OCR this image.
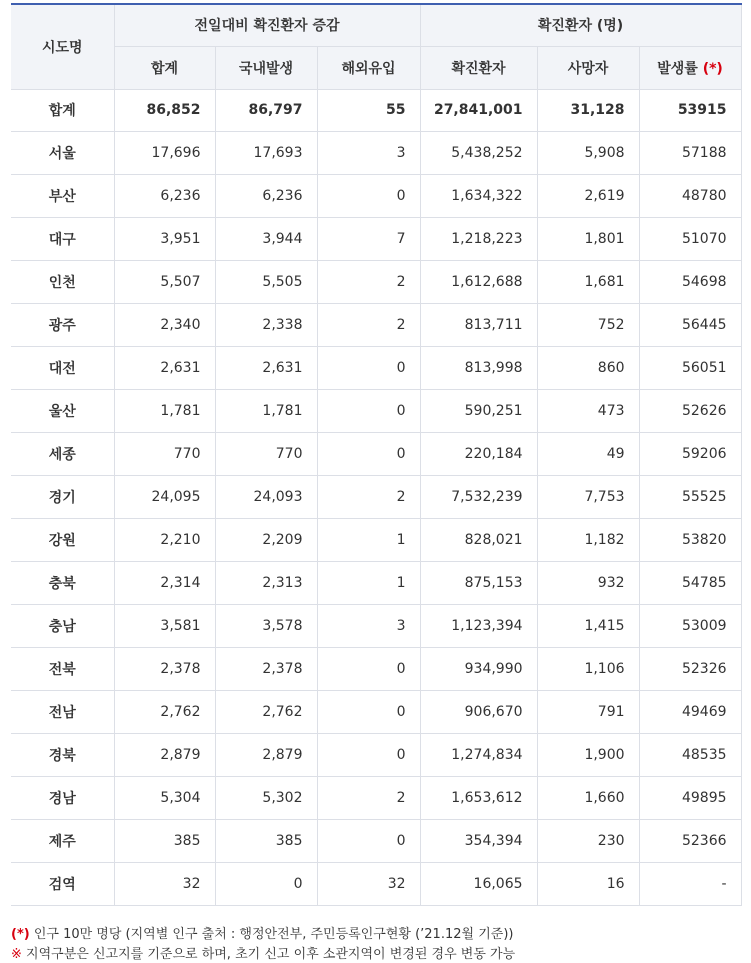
시도명	전일대비 확진환자 증감			확진환자 (명)		
	합계	국내발생	해외유입	확진환자	사망자	발생률 (*)
합계	86,852	86,797	55	27,841,001	31,128	53915
서울	17,696	17,693	3	5,438,252	5,908	57188
부산	6,236	6,236	0	1,634,322	2,619	48780
대구	3,951	3,944	7	1,218,223	1,801	51070
인천	5,507	5,505	2	1,612,688	1,681	54698
광주	2,340	2,338	2	813,711	752	56445
대전	2,631	2,631	0	813,998	860	56051
울산	1,781	1,781	0	590,251	473	52626
세종	770	770	0	220,184	49	59206
경기	24,095	24,093	2	7,532,239	7,753	55525
강원	2,210	2,209	1	828,021	1,182	53820
충북	2,314	2,313	1	875,153	932	54785
충남	3,581	3,578	3	1,123,394	1,415	53009
전북	2,378	2,378	0	934,990	1,106	52326
전남	2,762	2,762	0	906,670	791	49469
경북	2,879	2,879	0	1,274,834	1,900	48535
경남	5,304	5,302	2	1,653,612	1,660	49895
제주	385	385	0	354,394	230	52366
검역	32	0	32	16,065	16	-
(*) 인구 10만 명당 (지역별 인구 출처 : 행정안전부, 주민등록인구현황 (’21.12월 기준))
※ 지역구분은 신고지를 기준으로 하며, 초기 신고 이후 소관지역이 변경된 경우 변동 가능
